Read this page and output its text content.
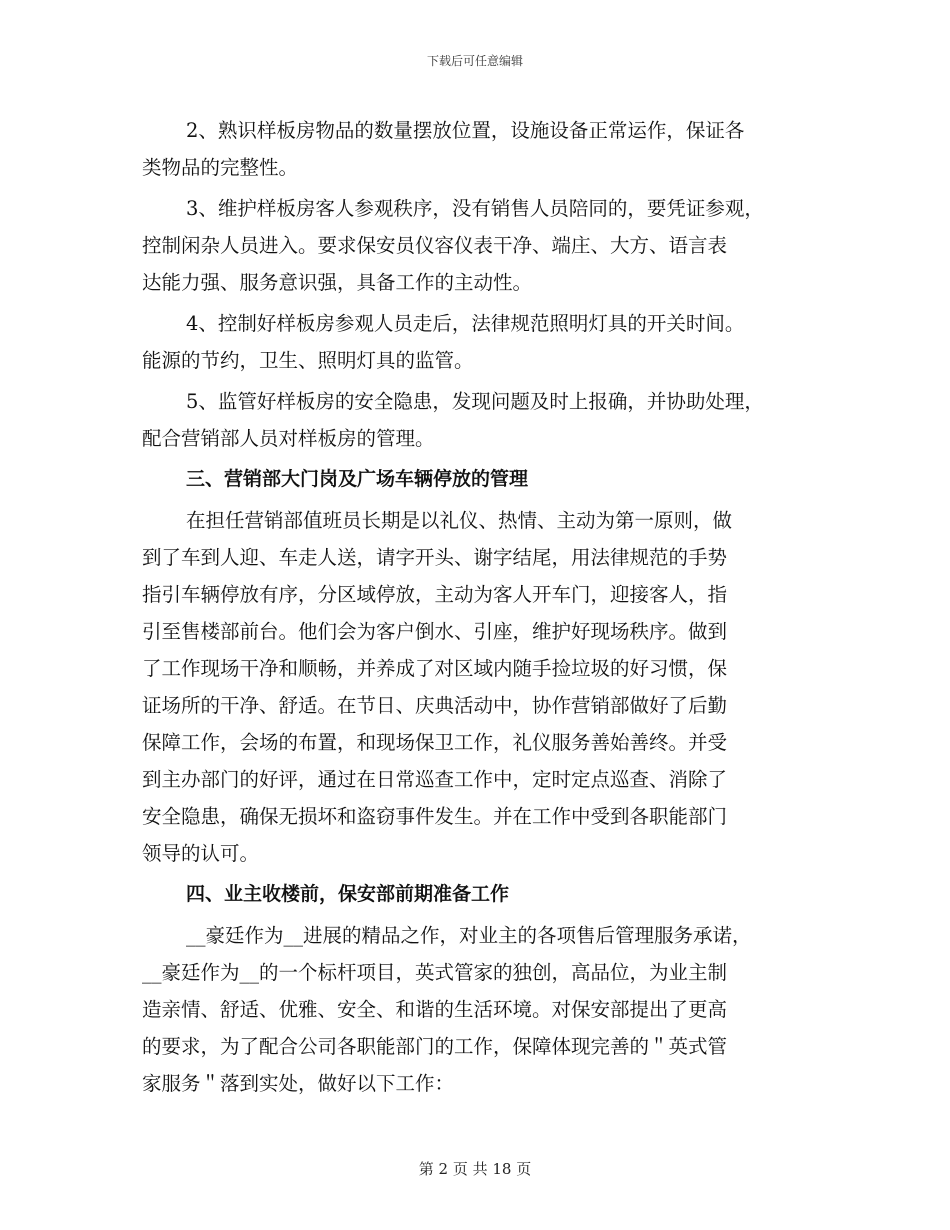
下载后可任意编辑
2、熟识样板房物品的数量摆放位置，设施设备正常运作，保证各
类物品的完整性。
3、维护样板房客人参观秩序，没有销售人员陪同的，要凭证参观，
控制闲杂人员进入。要求保安员仪容仪表干净、端庄、大方、语言表
达能力强、服务意识强，具备工作的主动性。
4、控制好样板房参观人员走后，法律规范照明灯具的开关时间。
能源的节约，卫生、照明灯具的监管。
5、监管好样板房的安全隐患，发现问题及时上报确，并协助处理，
配合营销部人员对样板房的管理。
三、营销部大门岗及广场车辆停放的管理
在担任营销部值班员长期是以礼仪、热情、主动为第一原则，做
到了车到人迎、车走人送，请字开头、谢字结尾，用法律规范的手势
指引车辆停放有序，分区域停放，主动为客人开车门，迎接客人，指
引至售楼部前台。他们会为客户倒水、引座，维护好现场秩序。做到
了工作现场干净和顺畅，并养成了对区域内随手捡垃圾的好习惯，保
证场所的干净、舒适。在节日、庆典活动中，协作营销部做好了后勤
保障工作，会场的布置，和现场保卫工作，礼仪服务善始善终。并受
到主办部门的好评，通过在日常巡查工作中，定时定点巡查、消除了
安全隐患，确保无损坏和盗窃事件发生。并在工作中受到各职能部门
领导的认可。
四、业主收楼前，保安部前期准备工作
__豪廷作为__进展的精品之作，对业主的各项售后管理服务承诺，
__豪廷作为__的一个标杆项目，英式管家的独创，高品位，为业主制
造亲情、舒适、优雅、安全、和谐的生活环境。对保安部提出了更高
的要求，为了配合公司各职能部门的工作，保障体现完善的＂英式管
家服务＂落到实处，做好以下工作：
第 2 页 共 18 页
